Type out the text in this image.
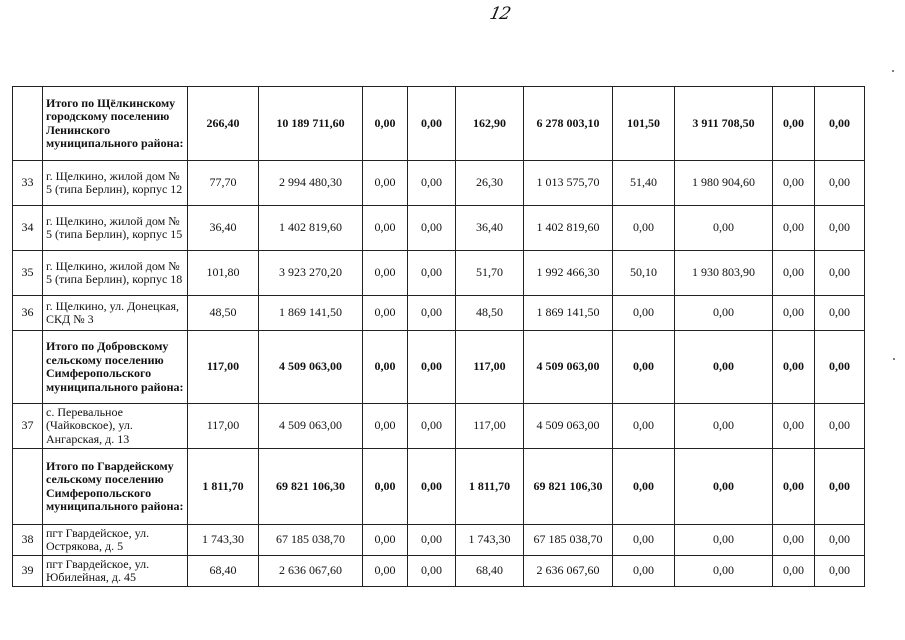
12
	Итого по Щёлкинскому городскому поселению Ленинского муниципального района:	266,40	10 189 711,60	0,00	0,00	162,90	6 278 003,10	101,50	3 911 708,50	0,00	0,00
33	г. Щелкино, жилой дом № 5 (типа Берлин), корпус 12	77,70	2 994 480,30	0,00	0,00	26,30	1 013 575,70	51,40	1 980 904,60	0,00	0,00
34	г. Щелкино, жилой дом № 5 (типа Берлин), корпус 15	36,40	1 402 819,60	0,00	0,00	36,40	1 402 819,60	0,00	0,00	0,00	0,00
35	г. Щелкино, жилой дом № 5 (типа Берлин), корпус 18	101,80	3 923 270,20	0,00	0,00	51,70	1 992 466,30	50,10	1 930 803,90	0,00	0,00
36	г. Щелкино, ул. Донецкая, СКД № 3	48,50	1 869 141,50	0,00	0,00	48,50	1 869 141,50	0,00	0,00	0,00	0,00
	Итого по Добровскому сельскому поселению Симферопольского муниципального района:	117,00	4 509 063,00	0,00	0,00	117,00	4 509 063,00	0,00	0,00	0,00	0,00
37	с. Перевальное (Чайковское), ул. Ангарская, д. 13	117,00	4 509 063,00	0,00	0,00	117,00	4 509 063,00	0,00	0,00	0,00	0,00
	Итого по Гвардейскому сельскому поселению Симферопольского муниципального района:	1 811,70	69 821 106,30	0,00	0,00	1 811,70	69 821 106,30	0,00	0,00	0,00	0,00
38	пгт Гвардейское, ул. Острякова, д. 5	1 743,30	67 185 038,70	0,00	0,00	1 743,30	67 185 038,70	0,00	0,00	0,00	0,00
39	пгт Гвардейское, ул. Юбилейная, д. 45	68,40	2 636 067,60	0,00	0,00	68,40	2 636 067,60	0,00	0,00	0,00	0,00
